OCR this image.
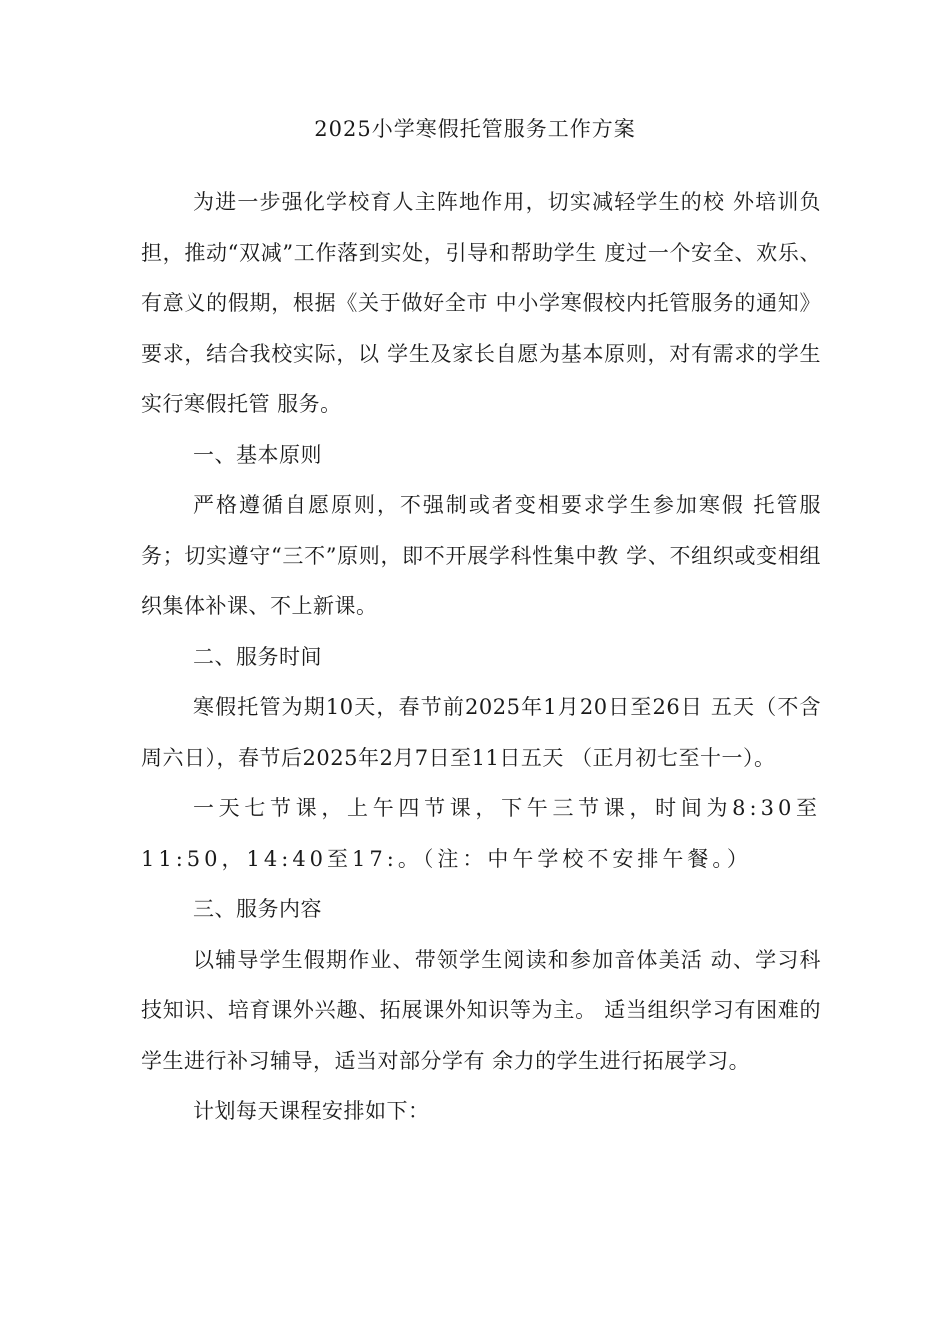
2025小学寒假托管服务工作方案

为进一步强化学校育人主阵地作用，切实减轻学生的校 外培训负担，推动“双减”工作落到实处，引导和帮助学生 度过一个安全、欢乐、有意义的假期，根据《关于做好全市 中小学寒假校内托管服务的通知》要求，结合我校实际，以 学生及家长自愿为基本原则，对有需求的学生实行寒假托管 服务。

一、基本原则

严格遵循自愿原则，不强制或者变相要求学生参加寒假 托管服务；切实遵守“三不”原则，即不开展学科性集中教 学、不组织或变相组织集体补课、不上新课。

二、服务时间

寒假托管为期10天，春节前2025年1月20日至26日 五天（不含周六日），春节后2025年2月7日至11日五天 （正月初七至十一）。

一天七节课，上午四节课，下午三节课，时间为8:30至11:50，14:40至17:。（注：中午学校不安排午餐。）

三、服务内容

以辅导学生假期作业、带领学生阅读和参加音体美活 动、学习科技知识、培育课外兴趣、拓展课外知识等为主。 适当组织学习有困难的学生进行补习辅导，适当对部分学有 余力的学生进行拓展学习。

计划每天课程安排如下：
